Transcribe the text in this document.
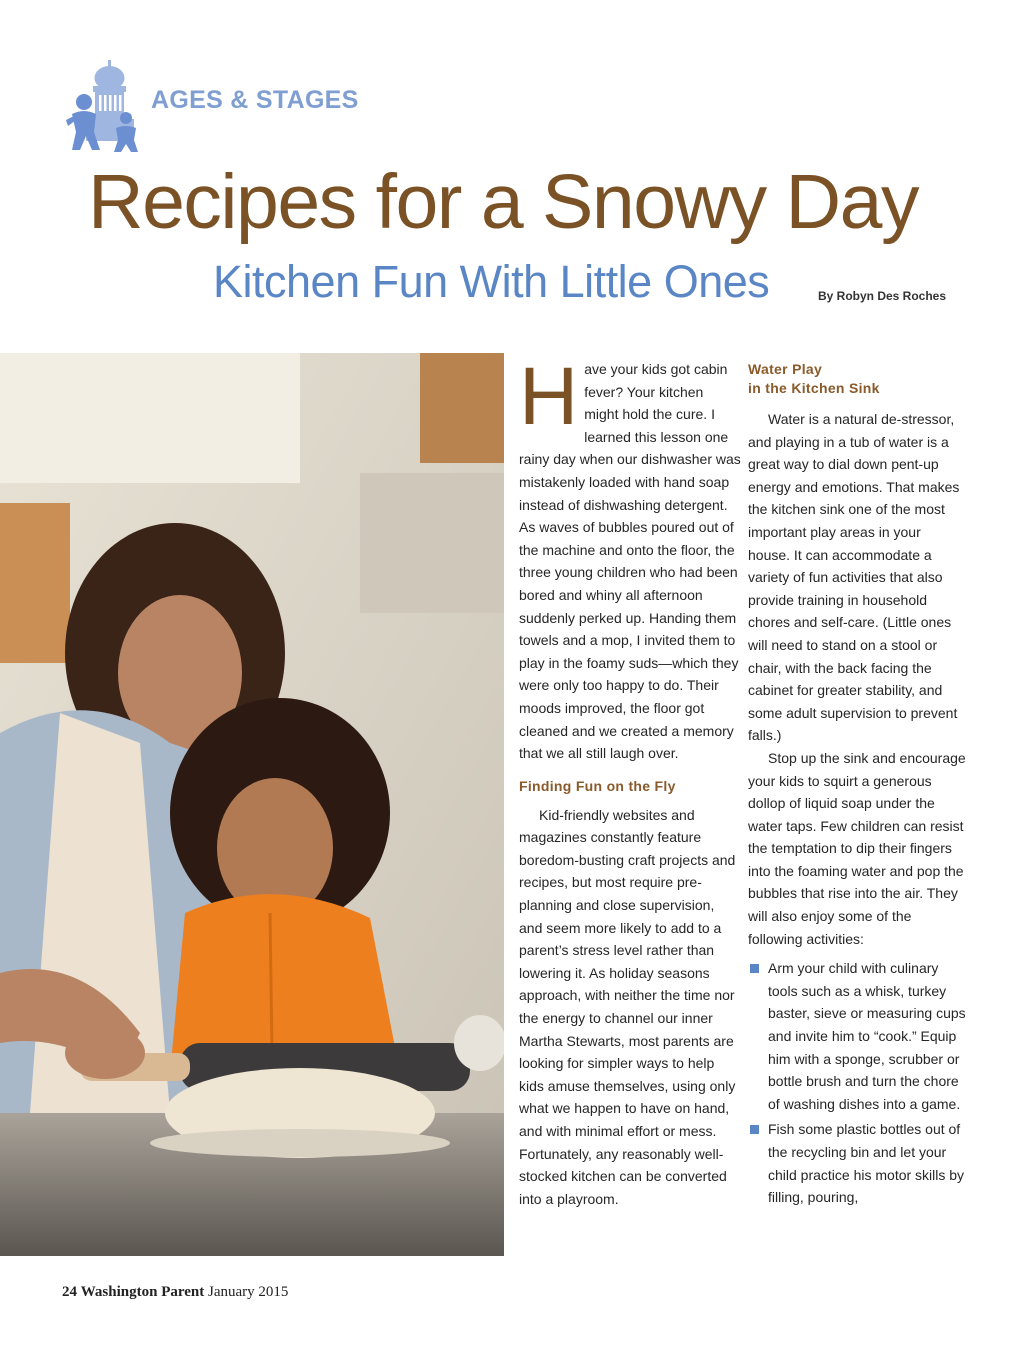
AGES & STAGES
Recipes for a Snowy Day
Kitchen Fun With Little Ones	By Robyn Des Roches
H ave your kids got cabin fever? Your kitchen might hold the cure. I learned this lesson one rainy day when our dishwasher was mistakenly loaded with hand soap instead of dishwashing detergent. As waves of bubbles poured out of the machine and onto the floor, the three young children who had been bored and whiny all afternoon suddenly perked up. Handing them towels and a mop, I invited them to play in the foamy suds—which they were only too happy to do. Their moods improved, the floor got cleaned and we created a memory that we all still laugh over.

Finding Fun on the Fly

Kid-friendly websites and magazines constantly feature boredom-busting craft projects and recipes, but most require pre-planning and close supervision, and seem more likely to add to a parent’s stress level rather than lowering it. As holiday seasons approach, with neither the time nor the energy to channel our inner Martha Stewarts, most parents are looking for simpler ways to help kids amuse themselves, using only what we happen to have on hand, and with minimal effort or mess. Fortunately, any reasonably well-stocked kitchen can be converted into a playroom.

Water Play
in the Kitchen Sink

Water is a natural de-stressor, and playing in a tub of water is a great way to dial down pent-up energy and emotions. That makes the kitchen sink one of the most important play areas in your house. It can accommodate a variety of fun activities that also provide training in household chores and self-care. (Little ones will need to stand on a stool or chair, with the back facing the cabinet for greater stability, and some adult supervision to prevent falls.)

Stop up the sink and encourage your kids to squirt a generous dollop of liquid soap under the water taps. Few children can resist the temptation to dip their fingers into the foaming water and pop the bubbles that rise into the air. They will also enjoy some of the following activities:

Arm your child with culinary tools such as a whisk, turkey baster, sieve or measuring cups and invite him to “cook.” Equip him with a sponge, scrubber or bottle brush and turn the chore of washing dishes into a game.
Fish some plastic bottles out of the recycling bin and let your child practice his motor skills by filling, pouring,
24 Washington Parent January 2015
